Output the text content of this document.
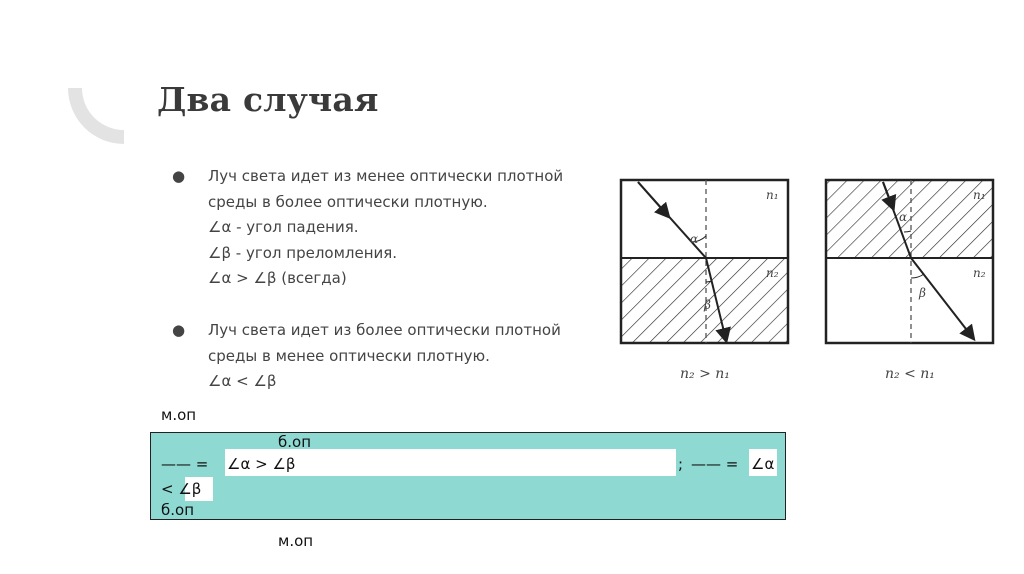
Два случая
● Луч света идет из менее оптически плотной
среды в более оптически плотную.
∠α - угол падения.
∠β - угол преломления.
∠α > ∠β (всегда)
● Луч света идет из более оптически плотной
среды в менее оптически плотную.
∠α < ∠β
α
β
n₁
n₂
n₂ > n₁
α
β
n₁
n₂
n₂ < n₁
м.оп
б.оп
—— = ∠α > ∠β	; —— = ∠α
< ∠β
б.оп
м.оп
